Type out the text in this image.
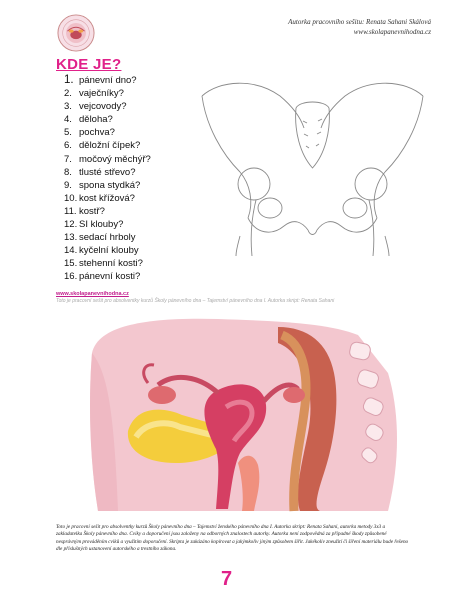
Autorka pracovního sešitu: Renata Sahani Skálová
www.skolapanevnihodna.cz
KDE JE?
1. pánevní dno?
2. vaječníky?
3. vejcovody?
4. děloha?
5. pochva?
6. děložní čípek?
7. močový měchýř?
8. tlusté střevo?
9. spona stydká?
10. kost křížová?
11. kostř?
12. SI klouby?
13. sedací hrboly
14. kyčelní klouby
15. stehenní kosti?
16. pánevní kosti?
www.skolapanevnihodna.cz
Toto je pracovní sešit pro absolventky kurzů Školy pánevního dna – Tajemství pánevního dna I. Autorka skript: Renata Sahani
Toto je pracovní sešit pro absolventky kurzů Školy pánevního dna – Tajemství ženského pánevního dna I. Autorka skript: Renata Sahani, autorka metody 3x3 a zakladatelka Školy pánevního dna. Cviky a doporučení jsou založeny na odborných znalostech autorky. Autorka není zodpovědná za případné škody způsobené nesprávným prováděním cviků a využitím doporučení. Skripta je zakázáno kopírovat a jakýmkoliv jiným způsobem šířit. Jakékoliv zneužití či šíření materiálu bude řešeno dle příslušných ustanovení autorského a trestního zákona.
7
